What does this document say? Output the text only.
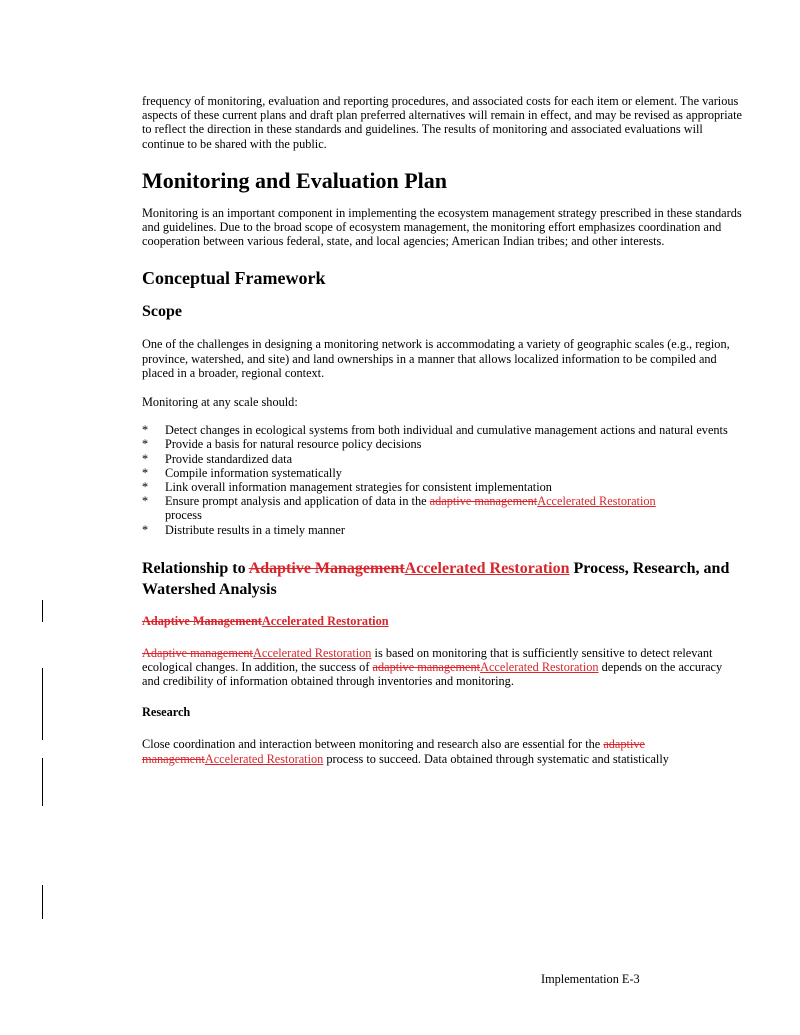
frequency of monitoring, evaluation and reporting procedures, and associated costs for each item or element. The various aspects of these current plans and draft plan preferred alternatives will remain in effect, and may be revised as appropriate to reflect the direction in these standards and guidelines. The results of monitoring and associated evaluations will continue to be shared with the public.

Monitoring and Evaluation Plan

Monitoring is an important component in implementing the ecosystem management strategy prescribed in these standards and guidelines. Due to the broad scope of ecosystem management, the monitoring effort emphasizes coordination and cooperation between various federal, state, and local agencies; American Indian tribes; and other interests.

Conceptual Framework
Scope

One of the challenges in designing a monitoring network is accommodating a variety of geographic scales (e.g., region, province, watershed, and site) and land ownerships in a manner that allows localized information to be compiled and placed in a broader, regional context.

Monitoring at any scale should:

* Detect changes in ecological systems from both individual and cumulative management actions and natural events
* Provide a basis for natural resource policy decisions
* Provide standardized data
* Compile information systematically
* Link overall information management strategies for consistent implementation
* Ensure prompt analysis and application of data in the adaptive managementAccelerated Restoration
process
* Distribute results in a timely manner
Relationship to Adaptive ManagementAccelerated Restoration Process, Research, and Watershed Analysis
Adaptive ManagementAccelerated Restoration

Adaptive managementAccelerated Restoration is based on monitoring that is sufficiently sensitive to detect relevant ecological changes. In addition, the success of adaptive managementAccelerated Restoration depends on the accuracy and credibility of information obtained through inventories and monitoring.

Research

Close coordination and interaction between monitoring and research also are essential for the adaptive managementAccelerated Restoration process to succeed. Data obtained through systematic and statistically

Implementation E-3
